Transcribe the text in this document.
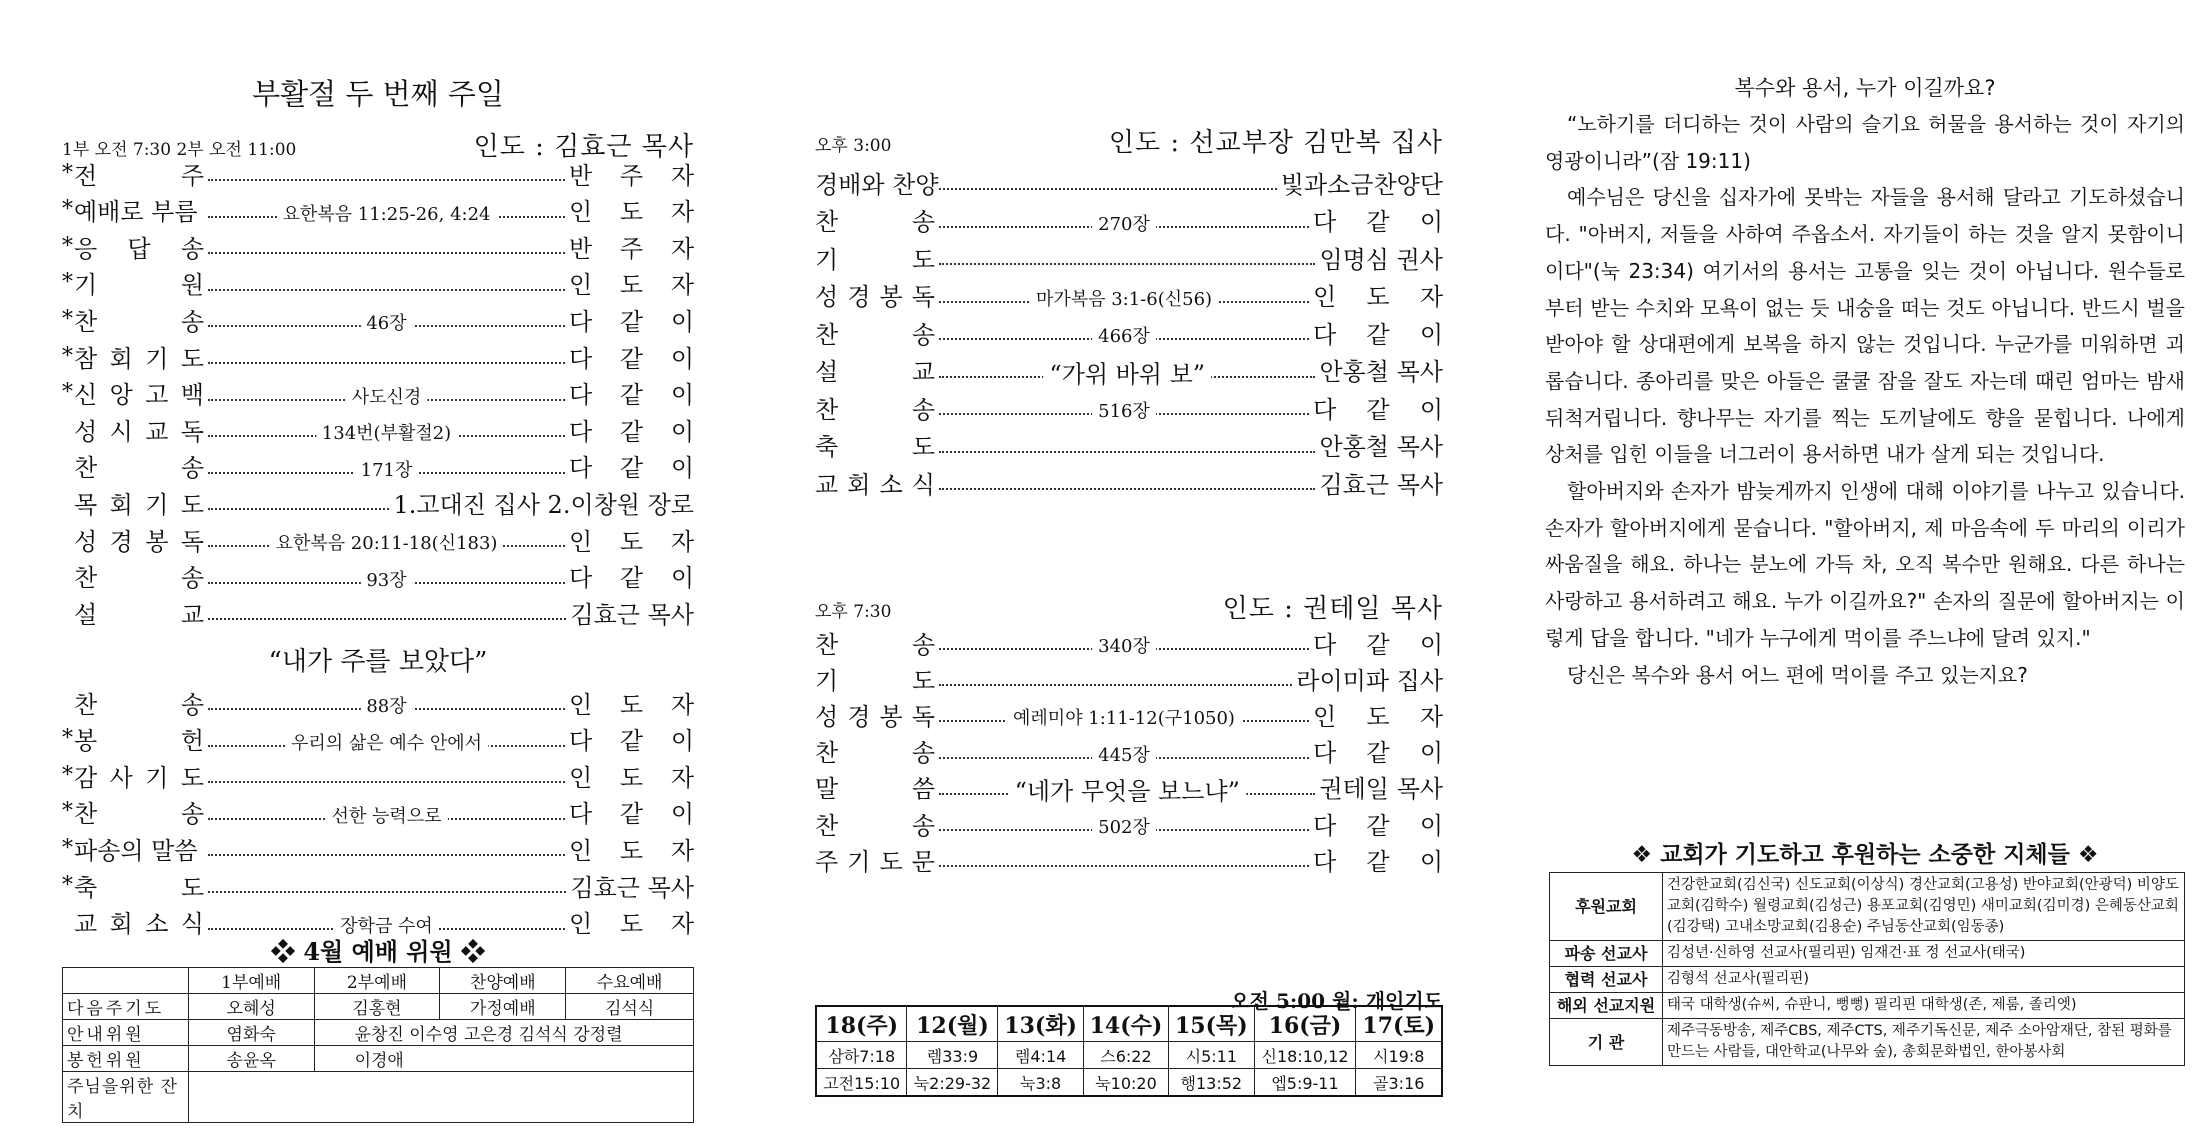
부활절 두 번째 주일
1부 오전 7:30 2부 오전 11:00	인도 : 김효근 목사
* 전	주	반 주 자
* 예배로 부름	요한복음 11:25-26, 4:24	인 도 자
* 응 답 송	반 주 자
* 기	원	인 도 자
* 찬	송	46장	다 같 이
* 참 회 기 도	다 같 이
* 신 앙 고 백	사도신경	다 같 이
성 시 교 독	134번(부활절2)	다 같 이
찬	송	171장	다 같 이
목 회 기 도	1.고대진 집사 2.이창원 장로
성 경 봉 독	요한복음 20:11-18(신183)	인 도 자
찬	송	93장	다 같 이
설	교	김효근 목사
“내가 주를 보았다”
찬	송	88장	인 도 자
* 봉	헌	우리의 삶은 예수 안에서	다 같 이
* 감 사 기 도	인 도 자
* 찬	송	선한 능력으로	다 같 이
* 파송의 말씀	인 도 자
* 축	도	김효근 목사
교 회 소 식	장학금 수여	인 도 자
❖ 4월 예배 위원 ❖
	1부예배	2부예배	찬양예배	수요예배
다음주기도	오혜성	김홍현	가정예배	김석식
안내위원	염화숙	윤창진 이수영 고은경 김석식 강정렬		
봉헌위원	송윤옥	이경애		
주님을위한 잔치				
오후 3:00	인도 : 선교부장 김만복 집사
경배와 찬양	빛과소금찬양단
찬	송	270장	다 같 이
기	도	임명심 권사
성 경 봉 독	마가복음 3:1-6(신56)	인 도 자
찬	송	466장	다 같 이
설	교	“가위 바위 보”	안홍철 목사
찬	송	516장	다 같 이
축	도	안홍철 목사
교 회 소 식	김효근 목사
오후 7:30	인도 : 권테일 목사
찬	송	340장	다 같 이
기	도	라이미파 집사
성 경 봉 독	예레미야 1:11-12(구1050)	인 도 자
찬	송	445장	다 같 이
말	씀	“네가 무엇을 보느냐”	권테일 목사
찬	송	502장	다 같 이
주 기 도 문	다 같 이
오전 5:00 월: 개인기도
18(주)	12(월)	13(화)	14(수)	15(목)	16(금)	17(토)
삼하7:18	렘33:9	렘4:14	스6:22	시5:11	신18:10,12	시19:8
고전15:10	눅2:29-32	눅3:8	눅10:20	행13:52	엡5:9-11	골3:16
복수와 용서, 누가 이길까요?

“노하기를 더디하는 것이 사람의 슬기요 허물을 용서하는 것이 자기의 영광이니라”(잠 19:11)

예수님은 당신을 십자가에 못박는 자들을 용서해 달라고 기도하셨습니다. "아버지, 저들을 사하여 주옵소서. 자기들이 하는 것을 알지 못함이니이다"(눅 23:34) 여기서의 용서는 고통을 잊는 것이 아닙니다. 원수들로부터 받는 수치와 모욕이 없는 듯 내숭을 떠는 것도 아닙니다. 반드시 벌을 받아야 할 상대편에게 보복을 하지 않는 것입니다. 누군가를 미워하면 괴롭습니다. 종아리를 맞은 아들은 쿨쿨 잠을 잘도 자는데 때린 엄마는 밤새 뒤척거립니다. 향나무는 자기를 찍는 도끼날에도 향을 묻힙니다. 나에게 상처를 입힌 이들을 너그러이 용서하면 내가 살게 되는 것입니다.

할아버지와 손자가 밤늦게까지 인생에 대해 이야기를 나누고 있습니다. 손자가 할아버지에게 묻습니다. "할아버지, 제 마음속에 두 마리의 이리가 싸움질을 해요. 하나는 분노에 가득 차, 오직 복수만 원해요. 다른 하나는 사랑하고 용서하려고 해요. 누가 이길까요?" 손자의 질문에 할아버지는 이렇게 답을 합니다. "네가 누구에게 먹이를 주느냐에 달려 있지."

당신은 복수와 용서 어느 편에 먹이를 주고 있는지요?

❖ 교회가 기도하고 후원하는 소중한 지체들 ❖
후원교회	건강한교회(김신국) 신도교회(이상식) 경산교회(고용성) 반야교회(안광덕) 비양도교회(김학수) 월령교회(김성근) 용포교회(김영민) 새미교회(김미경) 은혜동산교회(김강택) 고내소망교회(김용순) 주님동산교회(임동종)
파송 선교사	김성년·신하영 선교사(필리핀) 임재건·표 정 선교사(태국)
협력 선교사	김형석 선교사(필리핀)
해외 선교지원	태국 대학생(슈씨, 슈판니, 뻥뻥) 필리핀 대학생(존, 제룸, 졸리엣)
기 관	제주극동방송, 제주CBS, 제주CTS, 제주기독신문, 제주 소아암재단, 참된 평화를 만드는 사람들, 대안학교(나무와 숲), 총회문화법인, 한아봉사회
